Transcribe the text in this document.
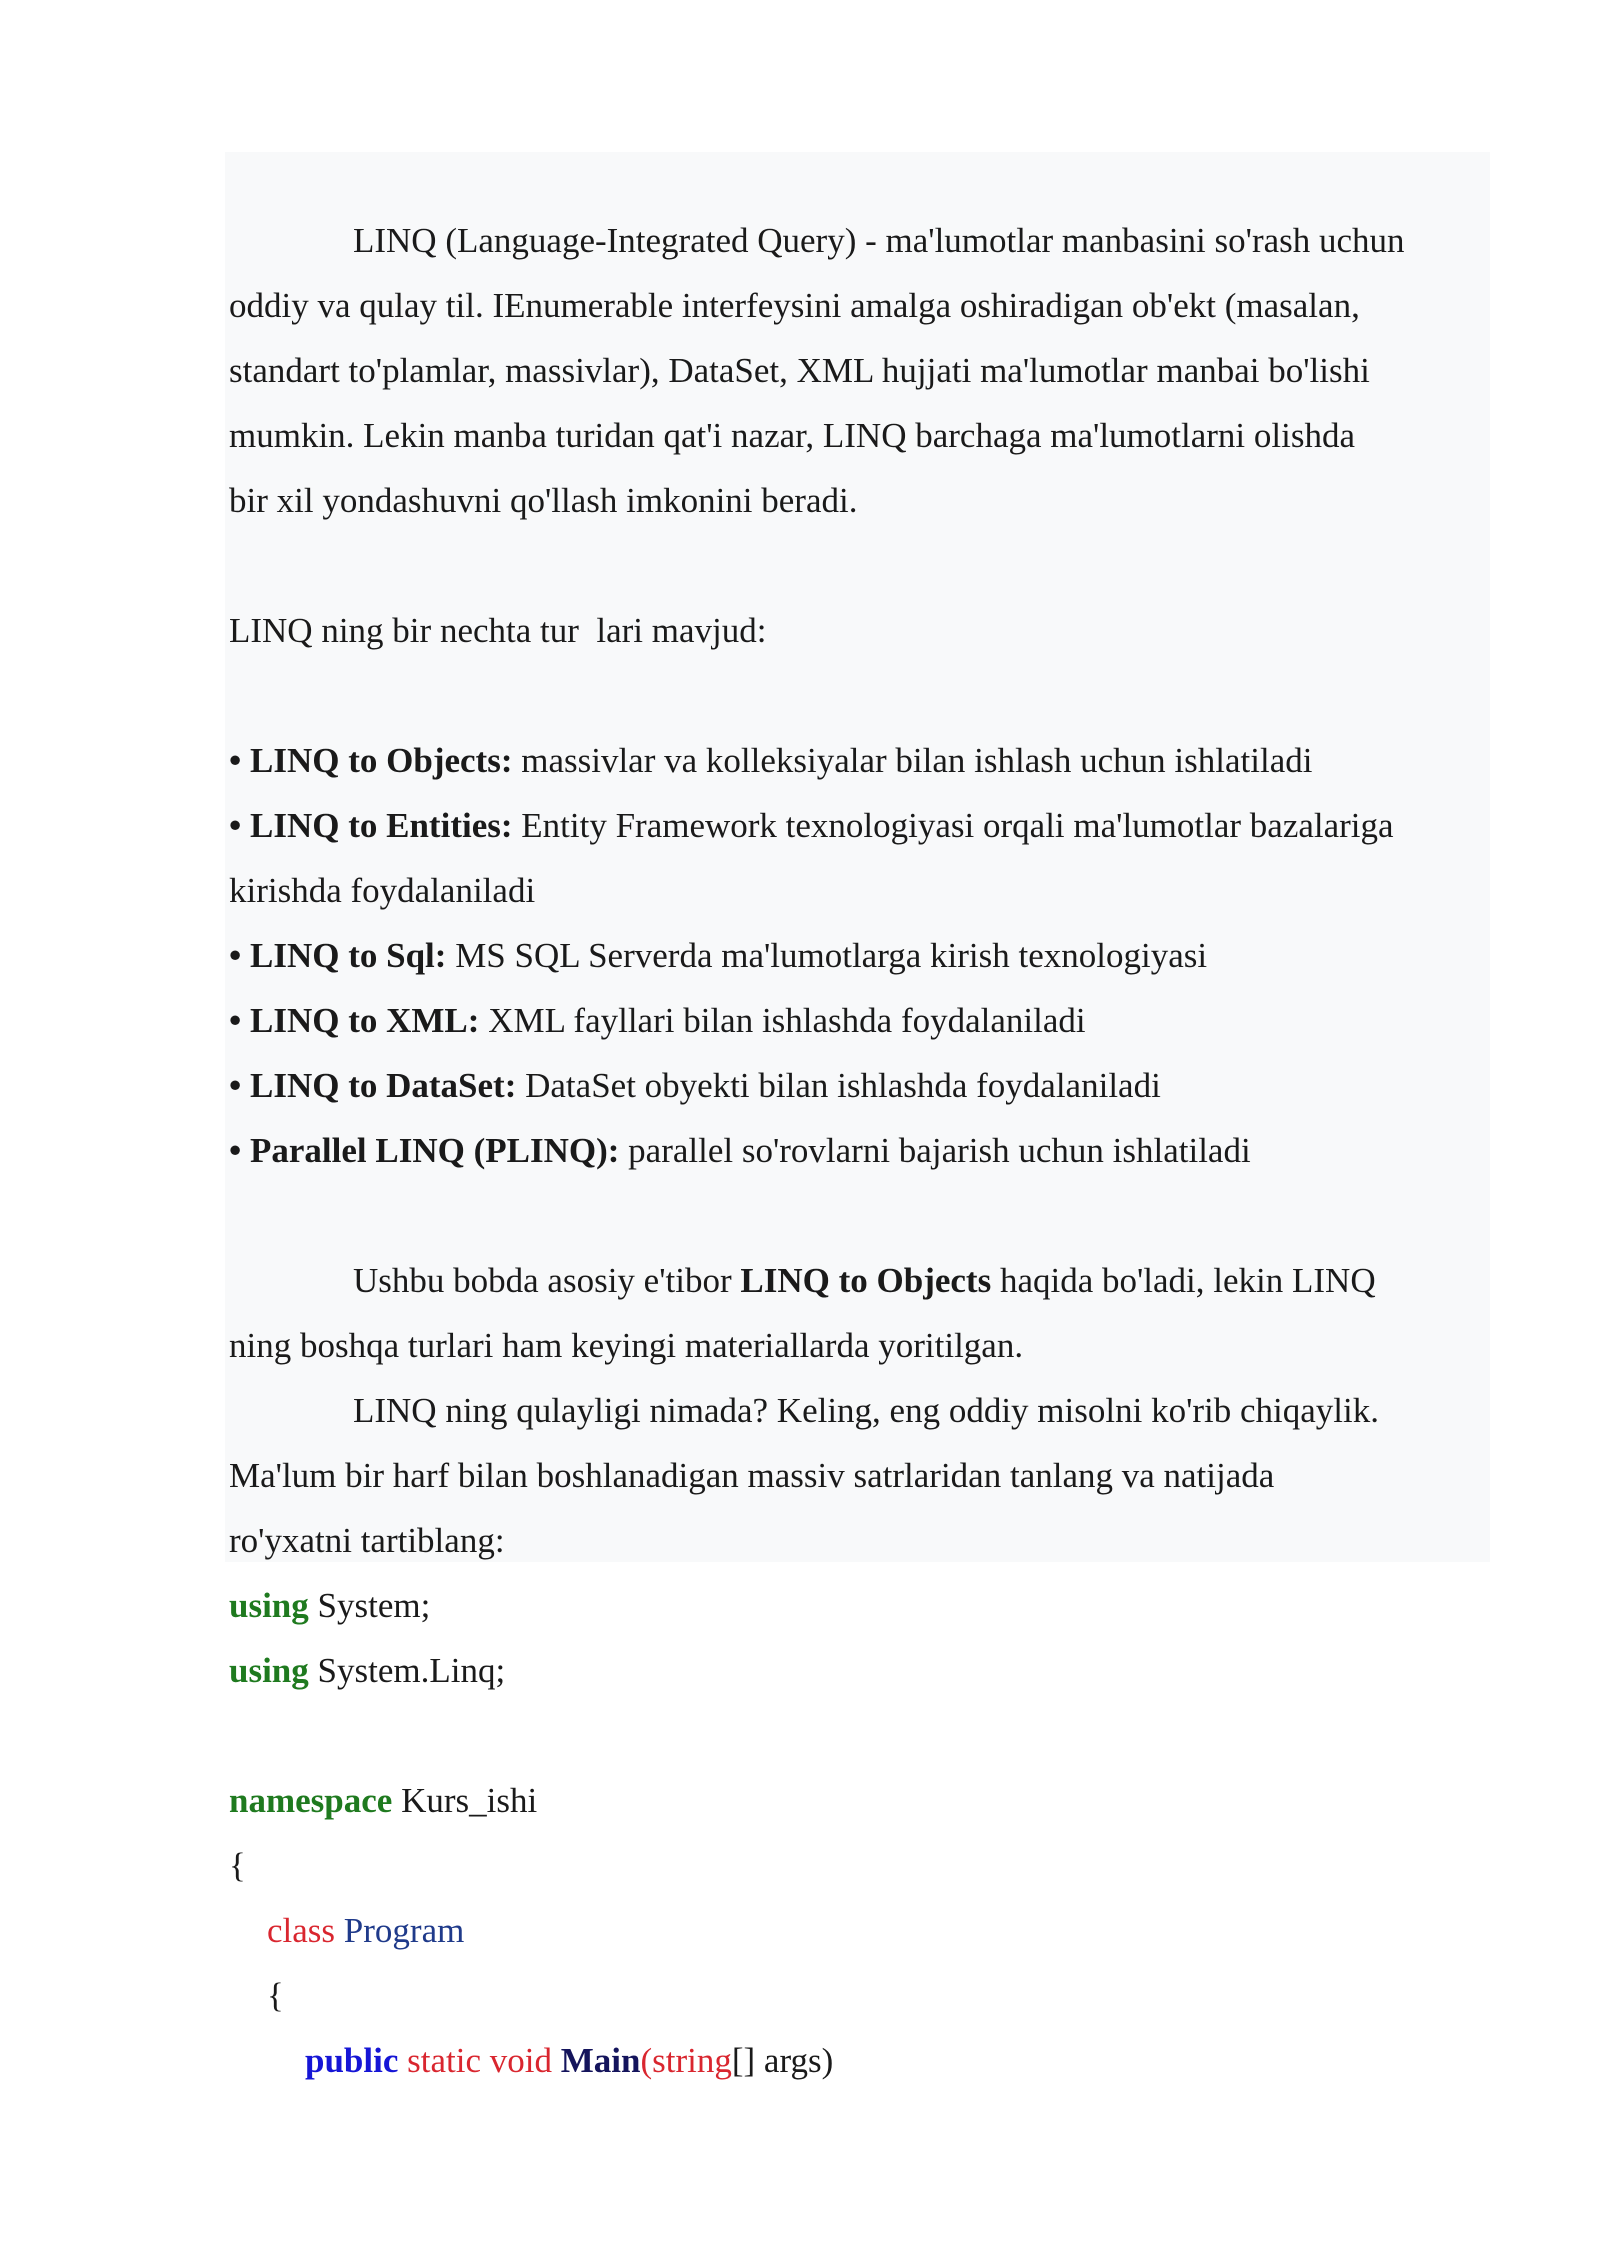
LINQ (Language-Integrated Query) - ma'lumotlar manbasini so'rash uchun
oddiy va qulay til. IEnumerable interfeysini amalga oshiradigan ob'ekt (masalan,
standart to'plamlar, massivlar), DataSet, XML hujjati ma'lumotlar manbai bo'lishi
mumkin. Lekin manba turidan qat'i nazar, LINQ barchaga ma'lumotlarni olishda
bir xil yondashuvni qo'llash imkonini beradi.
LINQ ning bir nechta tur  lari mavjud:
• LINQ to Objects: massivlar va kolleksiyalar bilan ishlash uchun ishlatiladi
• LINQ to Entities: Entity Framework texnologiyasi orqali ma'lumotlar bazalariga
kirishda foydalaniladi
• LINQ to Sql: MS SQL Serverda ma'lumotlarga kirish texnologiyasi
• LINQ to XML: XML fayllari bilan ishlashda foydalaniladi
• LINQ to DataSet: DataSet obyekti bilan ishlashda foydalaniladi
• Parallel LINQ (PLINQ): parallel so'rovlarni bajarish uchun ishlatiladi
Ushbu bobda asosiy e'tibor LINQ to Objects haqida bo'ladi, lekin LINQ
ning boshqa turlari ham keyingi materiallarda yoritilgan.
LINQ ning qulayligi nimada? Keling, eng oddiy misolni ko'rib chiqaylik.
Ma'lum bir harf bilan boshlanadigan massiv satrlaridan tanlang va natijada
ro'yxatni tartiblang:
using System;
using System.Linq;
namespace Kurs_ishi
{
class Program
{
public static void Main(string[] args)
